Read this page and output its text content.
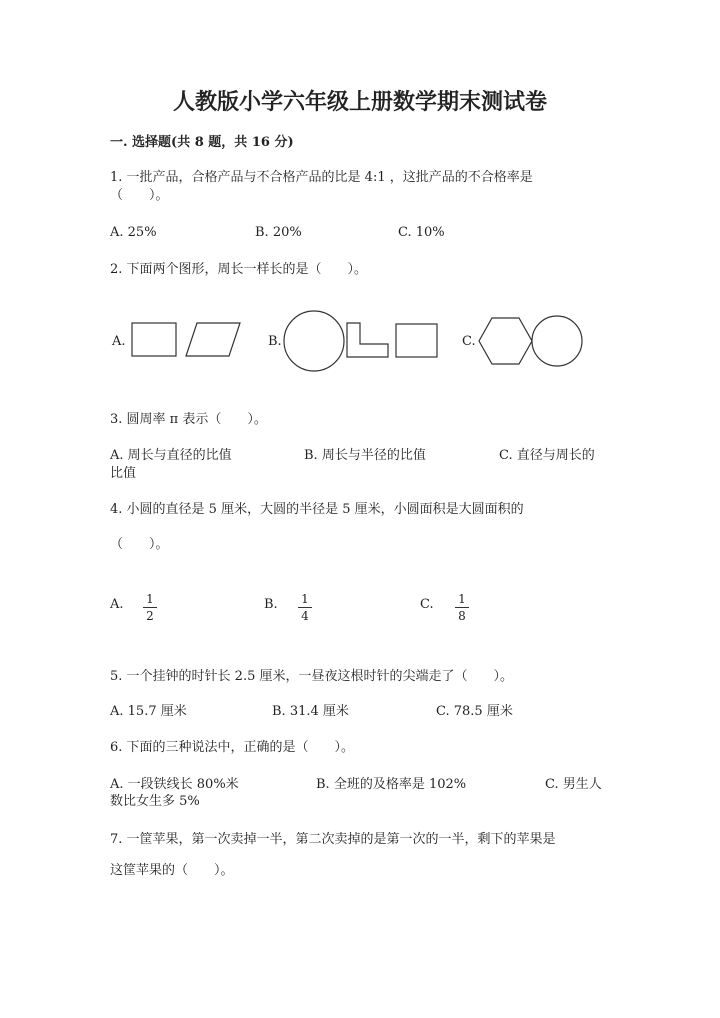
人教版小学六年级上册数学期末测试卷
一. 选择题(共 8 题，共 16 分)
1. 一批产品，合格产品与不合格产品的比是 4:1 ，这批产品的不合格率是
（　　）。
A. 25%	B. 20%	C. 10%
2. 下面两个图形，周长一样长的是（　　）。
A.	B.	C.
3. 圆周率 π 表示（　　）。
A. 周长与直径的比值	B. 周长与半径的比值	C. 直径与周长的
比值
4. 小圆的直径是 5 厘米，大圆的半径是 5 厘米，小圆面积是大圆面积的
（　　）。
A.	B.	C.
1
2
1
4
1
8
5. 一个挂钟的时针长 2.5 厘米，一昼夜这根时针的尖端走了（　　）。
A. 15.7 厘米	B. 31.4 厘米	C. 78.5 厘米
6. 下面的三种说法中，正确的是（　　）。
A. 一段铁线长 80%米	B. 全班的及格率是 102%	C. 男生人
数比女生多 5%
7. 一筐苹果，第一次卖掉一半，第二次卖掉的是第一次的一半，剩下的苹果是
这筐苹果的（　　）。
